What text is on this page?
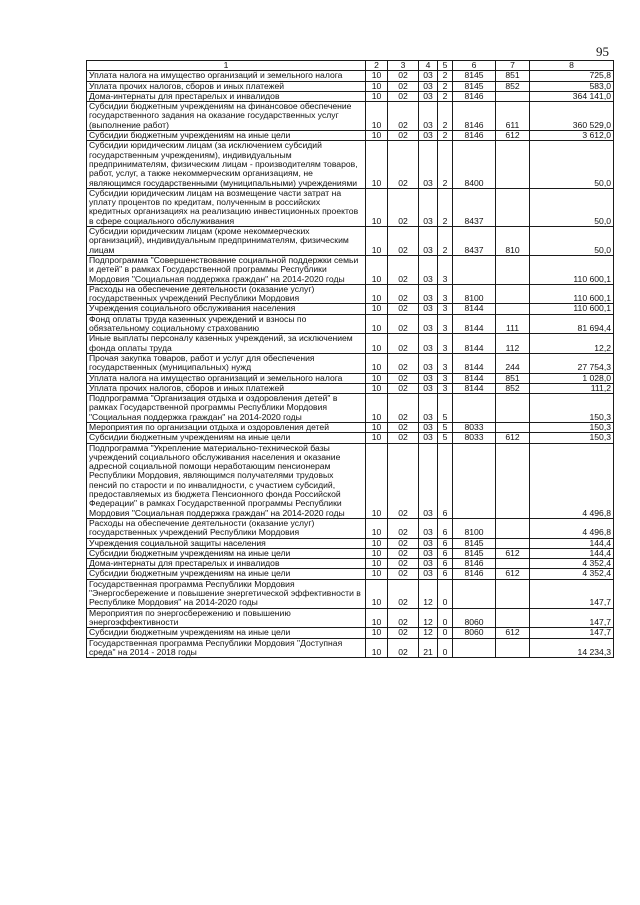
95
1	2	3	4	5	6	7	8
Уплата налога на имущество организаций и земельного налога	10	02	03	2	8145	851	725,8
Уплата прочих налогов, сборов и иных платежей	10	02	03	2	8145	852	583,0
Дома-интернаты для престарелых и инвалидов	10	02	03	2	8146		364 141,0
Субсидии бюджетным учреждениям на финансовое обеспечение государственного задания на оказание государственных услуг (выполнение работ)	10	02	03	2	8146	611	360 529,0
Субсидии бюджетным учреждениям на иные цели	10	02	03	2	8146	612	3 612,0
Субсидии юридическим лицам (за исключением субсидий государственным учреждениям), индивидуальным предпринимателям, физическим лицам - производителям товаров, работ, услуг, а также некоммерческим организациям, не являющимся государственными (муниципальными) учреждениями	10	02	03	2	8400		50,0
Субсидии юридическим лицам на возмещение части затрат на уплату процентов по кредитам, полученным в российских кредитных организациях на реализацию инвестиционных проектов в сфере социального обслуживания	10	02	03	2	8437		50,0
Субсидии юридическим лицам (кроме некоммерческих организаций), индивидуальным предпринимателям, физическим лицам	10	02	03	2	8437	810	50,0
Подпрограмма "Совершенствование социальной поддержки семьи и детей" в рамках Государственной программы Республики Мордовия "Социальная поддержка граждан" на 2014-2020 годы	10	02	03	3			110 600,1
Расходы на обеспечение деятельности (оказание услуг) государственных учреждений Республики Мордовия	10	02	03	3	8100		110 600,1
Учреждения социального обслуживания населения	10	02	03	3	8144		110 600,1
Фонд оплаты труда казенных учреждений и взносы по обязательному социальному страхованию	10	02	03	3	8144	111	81 694,4
Иные выплаты персоналу казенных учреждений, за исключением фонда оплаты труда	10	02	03	3	8144	112	12,2
Прочая закупка товаров, работ и услуг для обеспечения государственных (муниципальных) нужд	10	02	03	3	8144	244	27 754,3
Уплата налога на имущество организаций и земельного налога	10	02	03	3	8144	851	1 028,0
Уплата прочих налогов, сборов и иных платежей	10	02	03	3	8144	852	111,2
Подпрограмма "Организация отдыха и оздоровления детей" в рамках Государственной программы Республики Мордовия "Социальная поддержка граждан" на 2014-2020 годы	10	02	03	5			150,3
Мероприятия по организации отдыха и оздоровления детей	10	02	03	5	8033		150,3
Субсидии бюджетным учреждениям на иные цели	10	02	03	5	8033	612	150,3
Подпрограмма "Укрепление материально-технической базы учреждений социального обслуживания населения и оказание адресной социальной помощи неработающим пенсионерам Республики Мордовия, являющимся получателями трудовых пенсий по старости и по инвалидности, с участием субсидий, предоставляемых из бюджета Пенсионного фонда Российской Федерации" в рамках Государственной программы Республики Мордовия "Социальная поддержка граждан" на 2014-2020 годы	10	02	03	6			4 496,8
Расходы на обеспечение деятельности (оказание услуг) государственных учреждений Республики Мордовия	10	02	03	6	8100		4 496,8
Учреждения социальной защиты населения	10	02	03	6	8145		144,4
Субсидии бюджетным учреждениям на иные цели	10	02	03	6	8145	612	144,4
Дома-интернаты для престарелых и инвалидов	10	02	03	6	8146		4 352,4
Субсидии бюджетным учреждениям на иные цели	10	02	03	6	8146	612	4 352,4
Государственная программа Республики Мордовия "Энергосбережение и повышение энергетической эффективности в Республике Мордовия" на 2014-2020 годы	10	02	12	0			147,7
Мероприятия по энергосбережению и повышению энергоэффективности	10	02	12	0	8060		147,7
Субсидии бюджетным учреждениям на иные цели	10	02	12	0	8060	612	147,7
Государственная программа Республики Мордовия "Доступная среда" на 2014 - 2018 годы	10	02	21	0			14 234,3
